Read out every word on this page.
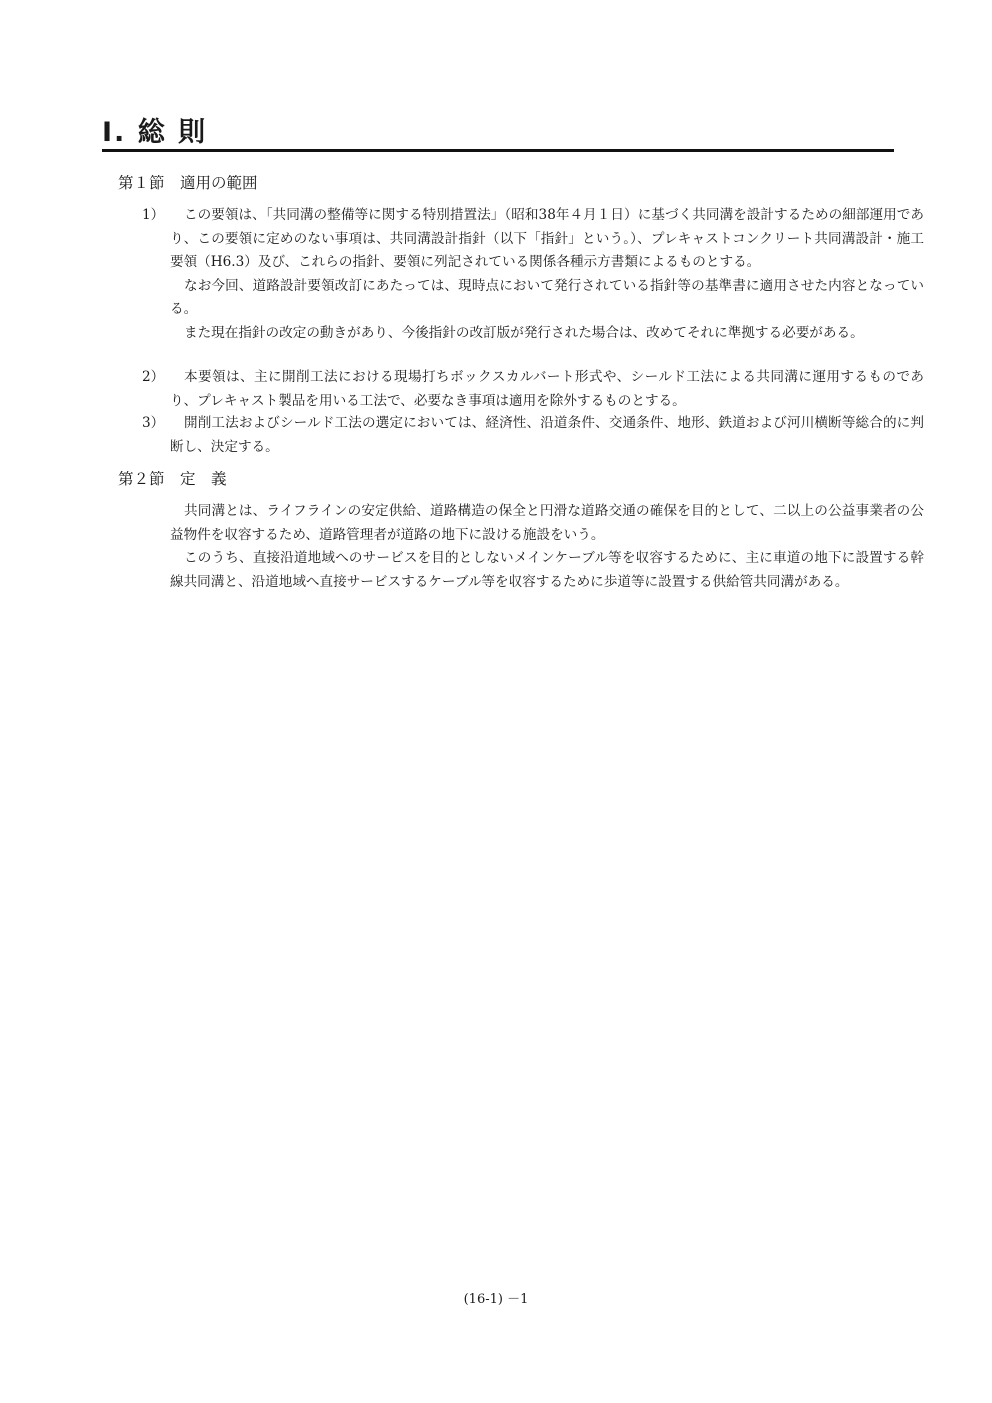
Ⅰ. 総 則
第１節　適用の範囲
1）	この要領は、「共同溝の整備等に関する特別措置法」（昭和38年４月１日）に基づく共同溝を設計するための細部運用であり、この要領に定めのない事項は、共同溝設計指針（以下「指針」という。）、プレキャストコンクリート共同溝設計・施工要領（H6.3）及び、これらの指針、要領に列記されている関係各種示方書類によるものとする。

なお今回、道路設計要領改訂にあたっては、現時点において発行されている指針等の基準書に適用させた内容となっている。

また現在指針の改定の動きがあり、今後指針の改訂版が発行された場合は、改めてそれに準拠する必要がある。

2）	本要領は、主に開削工法における現場打ちボックスカルバート形式や、シールド工法による共同溝に運用するものであり、プレキャスト製品を用いる工法で、必要なき事項は適用を除外するものとする。

3）	開削工法およびシールド工法の選定においては、経済性、沿道条件、交通条件、地形、鉄道および河川横断等総合的に判断し、決定する。

第２節　定　義

共同溝とは、ライフラインの安定供給、道路構造の保全と円滑な道路交通の確保を目的として、二以上の公益事業者の公益物件を収容するため、道路管理者が道路の地下に設ける施設をいう。

このうち、直接沿道地域へのサービスを目的としないメインケーブル等を収容するために、主に車道の地下に設置する幹線共同溝と、沿道地域へ直接サービスするケーブル等を収容するために歩道等に設置する供給管共同溝がある。

(16-1) －1
